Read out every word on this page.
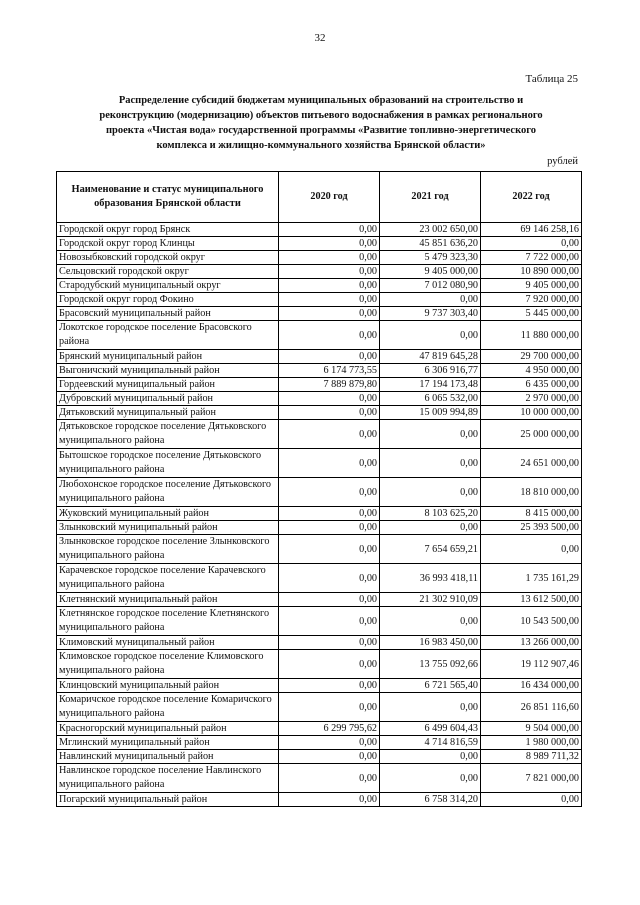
32
Таблица 25
Распределение субсидий бюджетам муниципальных образований на строительство и реконструкцию (модернизацию) объектов питьевого водоснабжения в рамках регионального проекта «Чистая вода» государственной программы «Развитие топливно-энергетического комплекса и жилищно-коммунального хозяйства Брянской области»
рублей
Наименование и статус муниципального образования Брянской области	2020 год	2021 год	2022 год
Городской округ город Брянск	0,00	23 002 650,00	69 146 258,16
Городской округ город Клинцы	0,00	45 851 636,20	0,00
Новозыбковский городской округ	0,00	5 479 323,30	7 722 000,00
Сельцовский городской округ	0,00	9 405 000,00	10 890 000,00
Стародубский муниципальный округ	0,00	7 012 080,90	9 405 000,00
Городской округ город Фокино	0,00	0,00	7 920 000,00
Брасовский муниципальный район	0,00	9 737 303,40	5 445 000,00
Локотское городское поселение Брасовского района	0,00	0,00	11 880 000,00
Брянский муниципальный район	0,00	47 819 645,28	29 700 000,00
Выгоничский муниципальный район	6 174 773,55	6 306 916,77	4 950 000,00
Гордеевский муниципальный район	7 889 879,80	17 194 173,48	6 435 000,00
Дубровский муниципальный район	0,00	6 065 532,00	2 970 000,00
Дятьковский муниципальный район	0,00	15 009 994,89	10 000 000,00
Дятьковское городское поселение Дятьковского муниципального района	0,00	0,00	25 000 000,00
Бытошское городское поселение Дятьковского муниципального района	0,00	0,00	24 651 000,00
Любохонское городское поселение Дятьковского муниципального района	0,00	0,00	18 810 000,00
Жуковский муниципальный район	0,00	8 103 625,20	8 415 000,00
Злынковский муниципальный район	0,00	0,00	25 393 500,00
Злынковское городское поселение Злынковского муниципального района	0,00	7 654 659,21	0,00
Карачевское городское поселение Карачевского муниципального района	0,00	36 993 418,11	1 735 161,29
Клетнянский муниципальный район	0,00	21 302 910,09	13 612 500,00
Клетнянское городское поселение Клетнянского муниципального района	0,00	0,00	10 543 500,00
Климовский муниципальный район	0,00	16 983 450,00	13 266 000,00
Климовское городское поселение Климовского муниципального района	0,00	13 755 092,66	19 112 907,46
Клинцовский муниципальный район	0,00	6 721 565,40	16 434 000,00
Комаричское городское поселение Комаричского муниципального района	0,00	0,00	26 851 116,60
Красногорский муниципальный район	6 299 795,62	6 499 604,43	9 504 000,00
Мглинский муниципальный район	0,00	4 714 816,59	1 980 000,00
Навлинский муниципальный район	0,00	0,00	8 989 711,32
Навлинское городское поселение Навлинского муниципального района	0,00	0,00	7 821 000,00
Погарский муниципальный район	0,00	6 758 314,20	0,00
